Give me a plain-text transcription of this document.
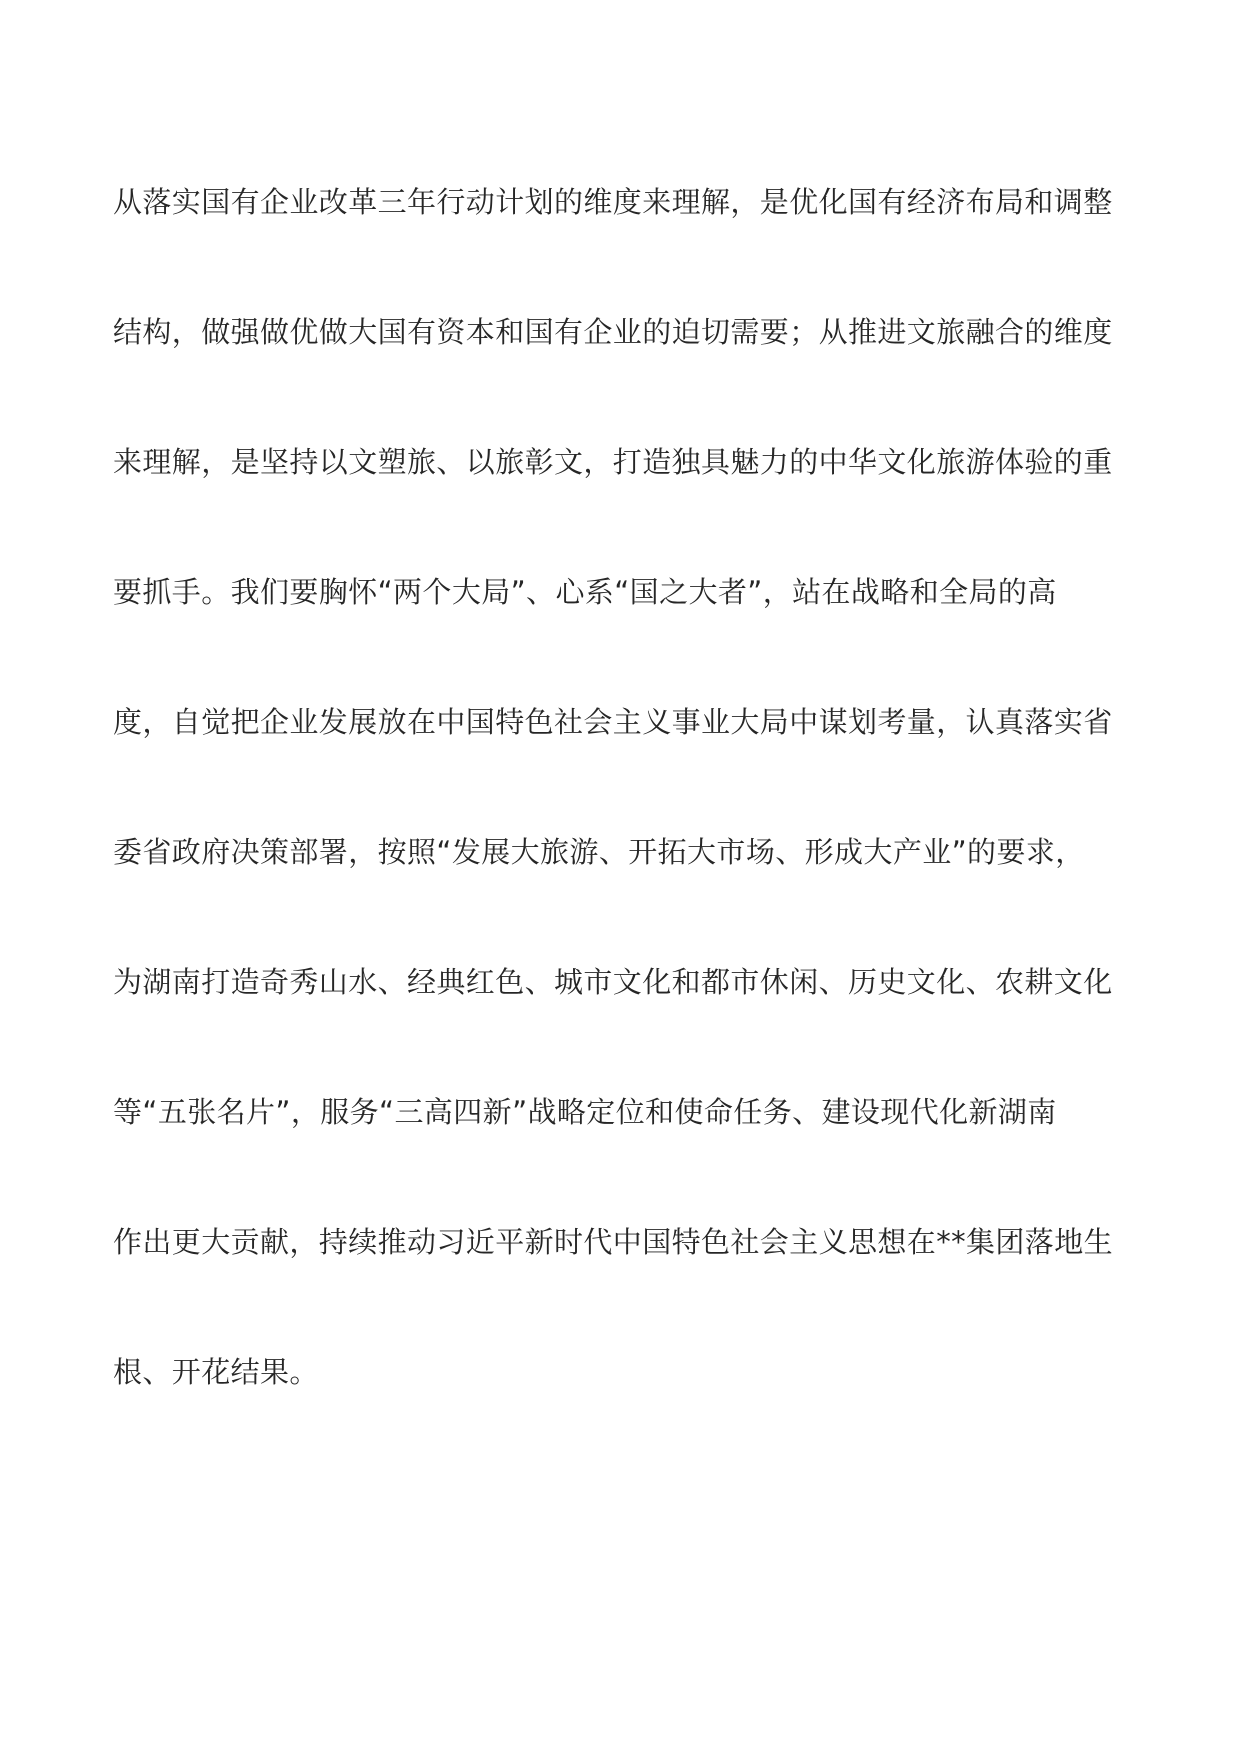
从落实国有企业改革三年行动计划的维度来理解，是优化国有经济布局和调整
结构，做强做优做大国有资本和国有企业的迫切需要；从推进文旅融合的维度
来理解，是坚持以文塑旅、以旅彰文，打造独具魅力的中华文化旅游体验的重
要抓手。我们要胸怀“两个大局”、心系“国之大者”，站在战略和全局的高
度，自觉把企业发展放在中国特色社会主义事业大局中谋划考量，认真落实省
委省政府决策部署，按照“发展大旅游、开拓大市场、形成大产业”的要求，
为湖南打造奇秀山水、经典红色、城市文化和都市休闲、历史文化、农耕文化
等“五张名片”，服务“三高四新”战略定位和使命任务、建设现代化新湖南
作出更大贡献，持续推动习近平新时代中国特色社会主义思想在**集团落地生
根、开花结果。
